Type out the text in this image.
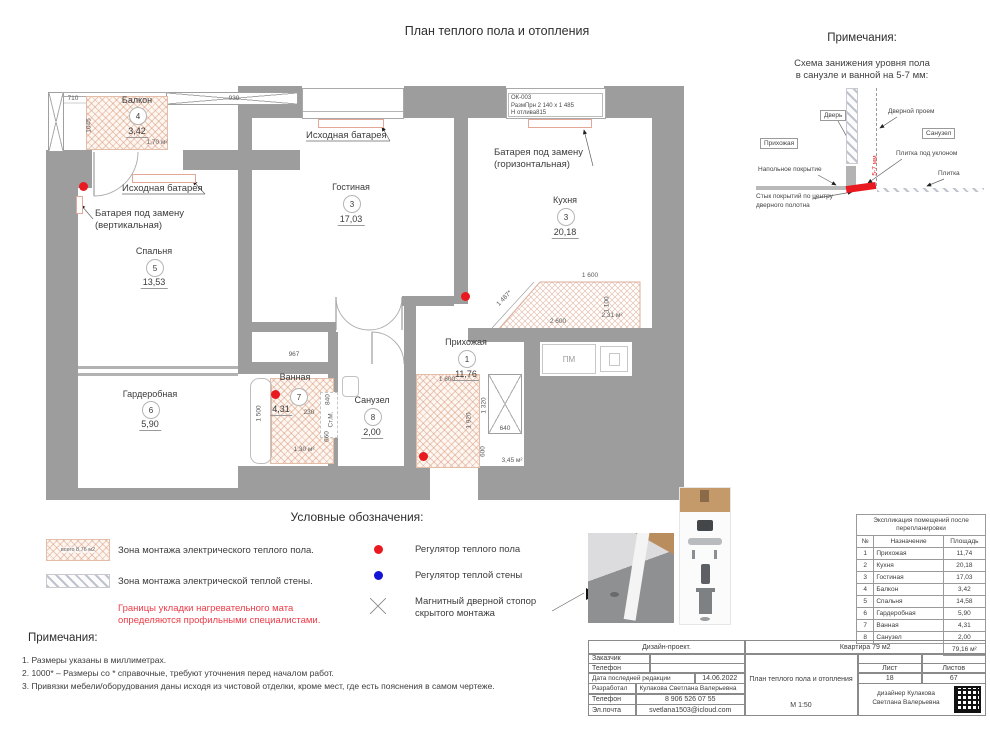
План теплого пола и отопления
ПМ
ОК-003
РазмПрн 2 140 х 1 485
Н отлива815
Балкон
4
3,42
Гостиная
3
17,03
Кухня
3
20,18
Спальня
5
13,53
Гардеробная
6
5,90
Ванная
7
4,31
Санузел
8
2,00
Прихожая
1
11,76
Исходная батарея
Батарея под замену
(вертикальная)
Исходная батарея
Батарея под замену
(горизонтальная)
Ст.М.
710	930
1045
1,70 м²
967
1 600
1 100
2 600
2,31 м²
1 487*
1 600
1 920
1 320
640
600
3,45 м²
230
840
660
1 500
1,30 м²
Примечания:
Схема занижения уровня пола
в санузле и ванной на 5-7 мм:
Прихожая
Дверь
Санузел
Дверной проем
Плитка под уклоном
Напольное покрытие
Плитка
Стык покрытий по центру
дверного полотна
5-7 мм
Условные обозначения:
всего 8,76 м2 Зона монтажа электрического теплого пола.
Зона монтажа электрической теплой стены.
Границы укладки нагревательного мата
определяются профильными специалистами.
Регулятор теплого пола
Регулятор теплой стены
Магнитный дверной стопор
скрытого монтажа
Экспликация помещений после
перепланировки
№	Назначение	Площадь
1	Прихожая	11,74
2	Кухня	20,18
3	Гостиная	17,03
4	Балкон	3,42
5	Спальня	14,58
6	Гардеробная	5,90
7	Ванная	4,31
8	Санузел	2,00
		79,16 м²
Примечания:
1. Размеры указаны в миллиметрах.
2. 1000* – Размеры со * справочные, требуют уточнения перед началом работ.
3. Привязки мебели/оборудования даны исходя из чистовой отделки, кроме мест, где есть пояснения в самом чертеже.
Дизайн-проект.	Квартира 79 м2
Заказчик
Телефон
Дата последней редакции	14.06.2022
Разработал	Кулакова Светлана Валерьевна
Телефон	8 906 526 07 55
Эл.почта	svetlana1503@icloud.com
План теплого пола и отопления
М 1:50
Лист	Листов
18	67
дизайнер Кулакова
Светлана Валерьевна
